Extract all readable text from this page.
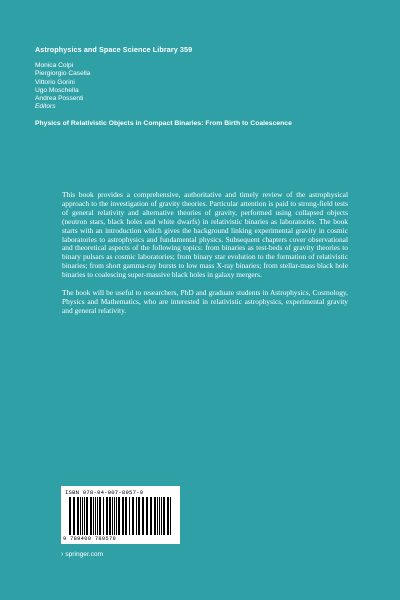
Astrophysics and Space Science Library 359
Monica Colpi
Piergiorgio Casella
Vittorio Gorini
Ugo Moschella
Andrea Possenti
Editors
Physics of Relativistic Objects in Compact Binaries: From Birth to Coalescence

This book provides a comprehensive, authoritative and timely review of the astrophysical approach to the investigation of gravity theories. Particular attention is paid to strong-field tests of general relativity and alternative theories of gravity, performed using collapsed objects (neutron stars, black holes and white dwarfs) in relativistic binaries as laboratories. The book starts with an introduction which gives the background linking experimental gravity in cosmic laboratories to astrophysics and fundamental physics. Subsequent chapters cover observational and theoretical aspects of the following topics: from binaries as test-beds of gravity theories to binary pulsars as cosmic laboratories; from binary star evolution to the formation of relativistic binaries; from short gamma-ray bursts to low mass X-ray binaries; from stellar-mass black hole binaries to coalescing super-massive black holes in galaxy mergers.

The book will be useful to researchers, PhD and graduate students in Astrophysics, Cosmology, Physics and Mathematics, who are interested in relativistic astrophysics, experimental gravity and general relativity.

ISBN 978-94-007-8957-9
9 789400 789579
› springer.com
